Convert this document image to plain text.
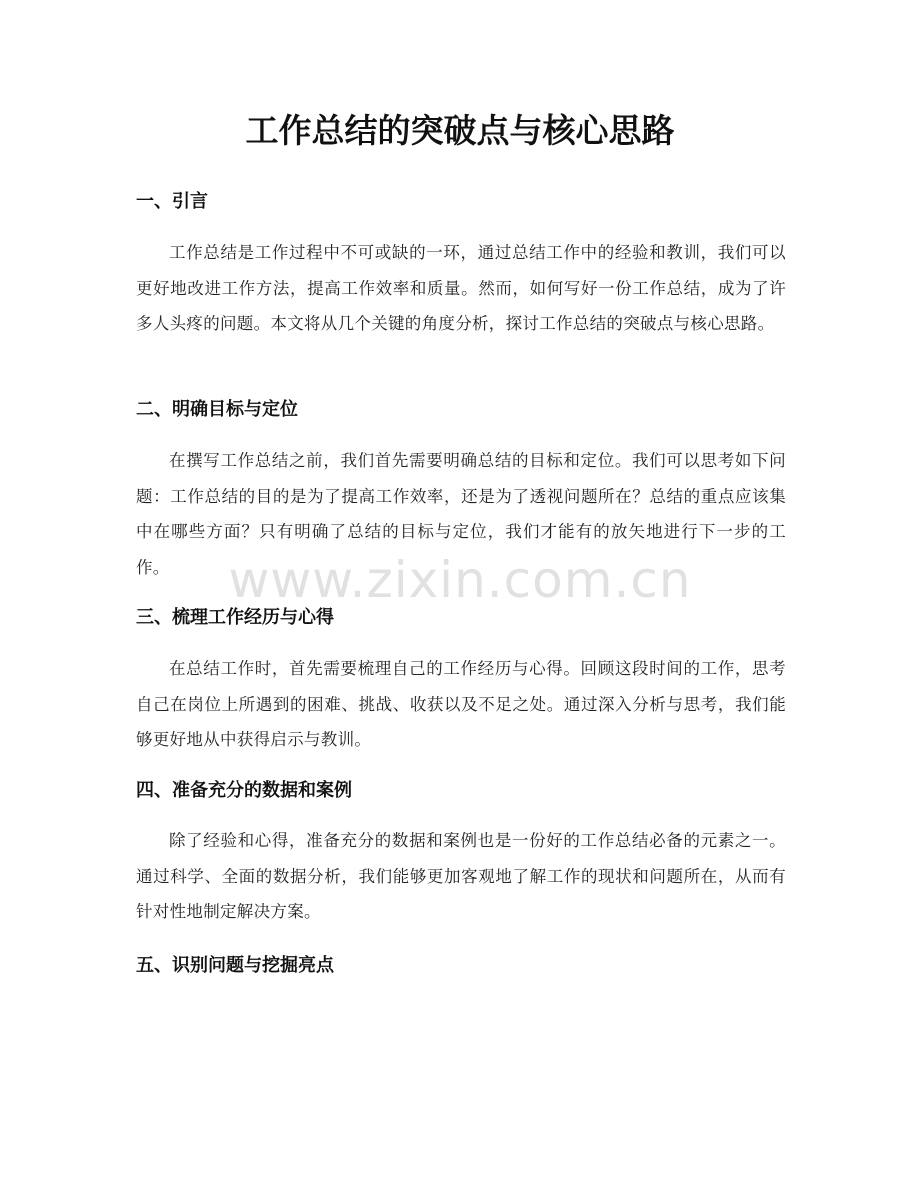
工作总结的突破点与核心思路
一、引言

工作总结是工作过程中不可或缺的一环，通过总结工作中的经验和教训，我们可以更好地改进工作方法，提高工作效率和质量。然而，如何写好一份工作总结，成为了许多人头疼的问题。本文将从几个关键的角度分析，探讨工作总结的突破点与核心思路。

二、明确目标与定位

在撰写工作总结之前，我们首先需要明确总结的目标和定位。我们可以思考如下问题：工作总结的目的是为了提高工作效率，还是为了透视问题所在？总结的重点应该集中在哪些方面？只有明确了总结的目标与定位，我们才能有的放矢地进行下一步的工作。

三、梳理工作经历与心得

在总结工作时，首先需要梳理自己的工作经历与心得。回顾这段时间的工作，思考自己在岗位上所遇到的困难、挑战、收获以及不足之处。通过深入分析与思考，我们能够更好地从中获得启示与教训。

四、准备充分的数据和案例

除了经验和心得，准备充分的数据和案例也是一份好的工作总结必备的元素之一。通过科学、全面的数据分析，我们能够更加客观地了解工作的现状和问题所在，从而有针对性地制定解决方案。

五、识别问题与挖掘亮点
www.zixin.com.cn
